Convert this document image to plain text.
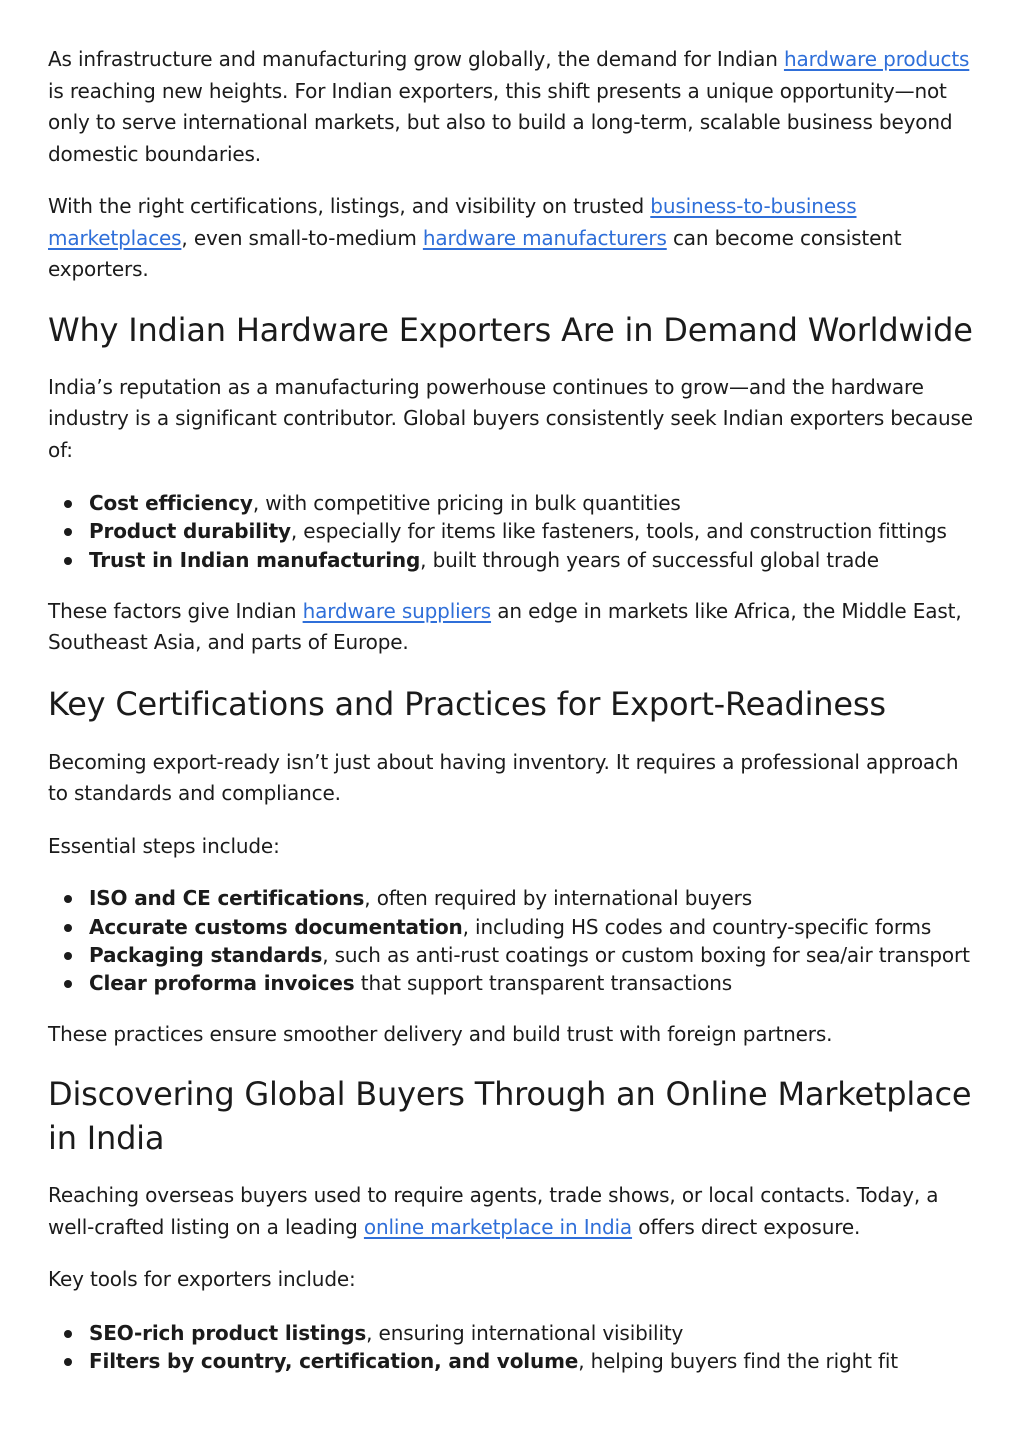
As infrastructure and manufacturing grow globally, the demand for Indian hardware products is reaching new heights. For Indian exporters, this shift presents a unique opportunity—not only to serve international markets, but also to build a long-term, scalable business beyond domestic boundaries.

With the right certifications, listings, and visibility on trusted business-to-business marketplaces, even small-to-medium hardware manufacturers can become consistent exporters.

Why Indian Hardware Exporters Are in Demand Worldwide

India’s reputation as a manufacturing powerhouse continues to grow—and the hardware industry is a significant contributor. Global buyers consistently seek Indian exporters because of:

Cost efficiency, with competitive pricing in bulk quantities
Product durability, especially for items like fasteners, tools, and construction fittings
Trust in Indian manufacturing, built through years of successful global trade

These factors give Indian hardware suppliers an edge in markets like Africa, the Middle East, Southeast Asia, and parts of Europe.

Key Certifications and Practices for Export-Readiness

Becoming export-ready isn’t just about having inventory. It requires a professional approach to standards and compliance.

Essential steps include:

ISO and CE certifications, often required by international buyers
Accurate customs documentation, including HS codes and country-specific forms
Packaging standards, such as anti-rust coatings or custom boxing for sea/air transport
Clear proforma invoices that support transparent transactions

These practices ensure smoother delivery and build trust with foreign partners.

Discovering Global Buyers Through an Online Marketplace in India

Reaching overseas buyers used to require agents, trade shows, or local contacts. Today, a well-crafted listing on a leading online marketplace in India offers direct exposure.

Key tools for exporters include:

SEO-rich product listings, ensuring international visibility
Filters by country, certification, and volume, helping buyers find the right fit
